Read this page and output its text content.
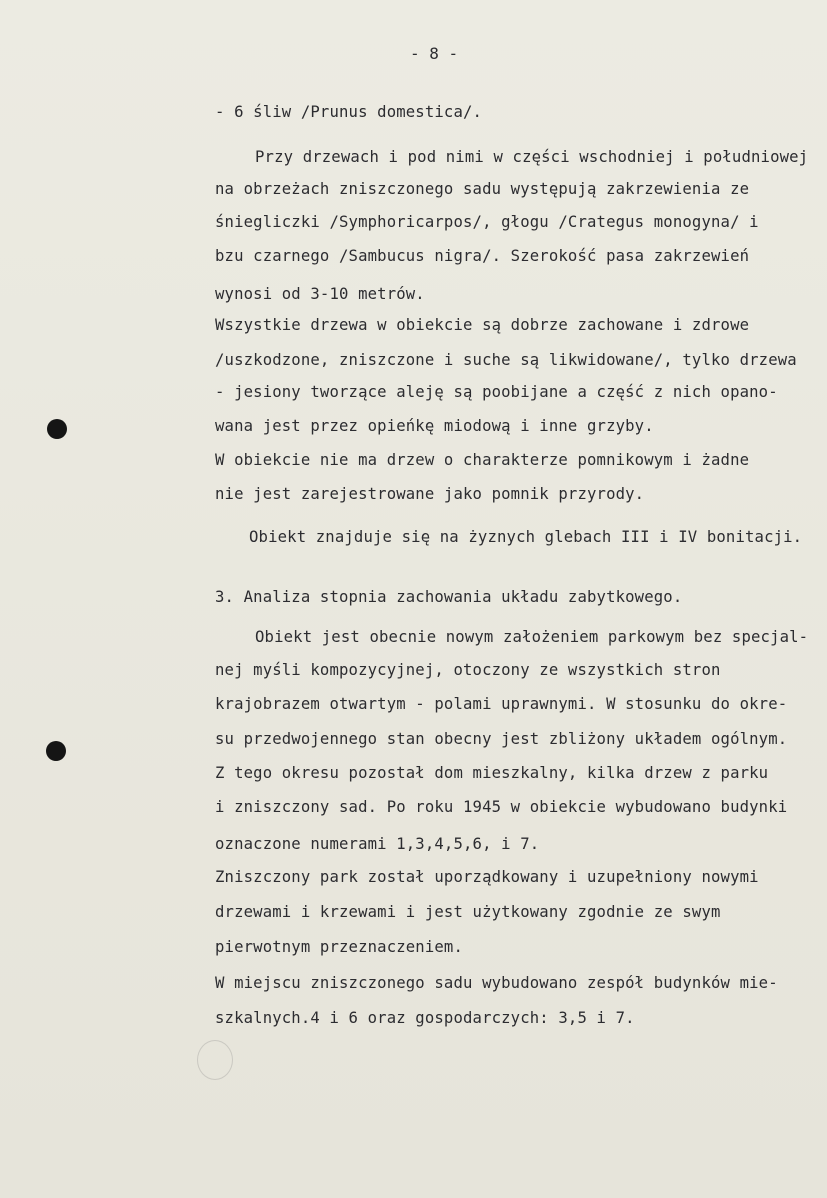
- 8 -
- 6 śliw /Prunus domestica/.
Przy drzewach i pod nimi w części wschodniej i południowej
na obrzeżach zniszczonego sadu występują zakrzewienia ze
śniegliczki /Symphoricarpos/, głogu /Crategus monogyna/ i
bzu czarnego /Sambucus nigra/. Szerokość pasa zakrzewień
wynosi od 3-10 metrów.
Wszystkie drzewa w obiekcie są dobrze zachowane i zdrowe
/uszkodzone, zniszczone i suche są likwidowane/, tylko drzewa
- jesiony tworzące aleję są poobijane a część z nich opano-
wana jest przez opieńkę miodową i inne grzyby.
W obiekcie nie ma drzew o charakterze pomnikowym i żadne
nie jest zarejestrowane jako pomnik przyrody.
Obiekt znajduje się na żyznych glebach III i IV bonitacji.
3. Analiza stopnia zachowania układu zabytkowego.
Obiekt jest obecnie nowym założeniem parkowym bez specjal-
nej myśli kompozycyjnej, otoczony ze wszystkich stron
krajobrazem otwartym - polami uprawnymi. W stosunku do okre-
su przedwojennego stan obecny jest zbliżony układem ogólnym.
Z tego okresu pozostał dom mieszkalny, kilka drzew z parku
i zniszczony sad. Po roku 1945 w obiekcie wybudowano budynki
oznaczone numerami 1,3,4,5,6, i 7.
Zniszczony park został uporządkowany i uzupełniony nowymi
drzewami i krzewami i jest użytkowany zgodnie ze swym
pierwotnym przeznaczeniem.
W miejscu zniszczonego sadu wybudowano zespół budynków mie-
szkalnych.4 i 6 oraz gospodarczych: 3,5 i 7.
